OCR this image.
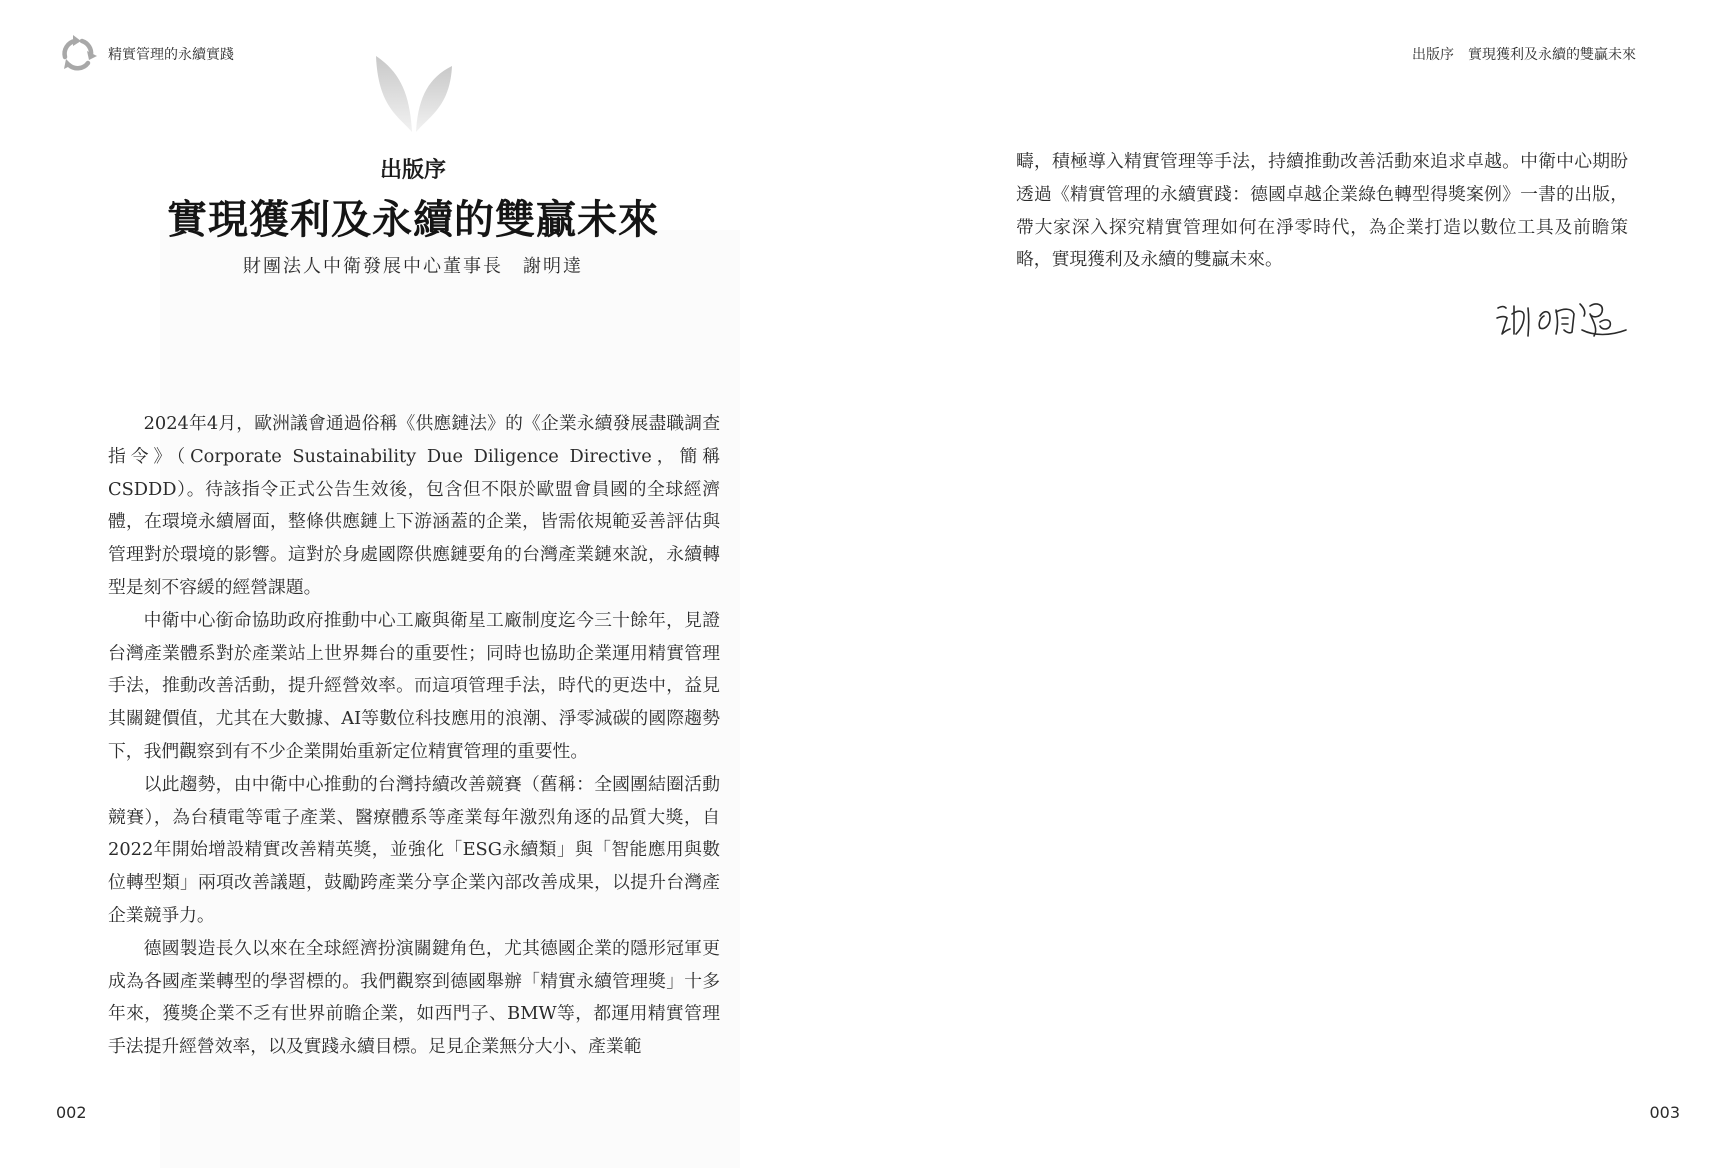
精實管理的永續實踐
出版序
實現獲利及永續的雙贏未來
財團法人中衛發展中心董事長　謝明達

2024年4月，歐洲議會通過俗稱《供應鏈法》的《企業永續發展盡職調查指令》（Corporate Sustainability Due Diligence Directive，簡稱CSDDD）。待該指令正式公告生效後，包含但不限於歐盟會員國的全球經濟體，在環境永續層面，整條供應鏈上下游涵蓋的企業，皆需依規範妥善評估與管理對於環境的影響。這對於身處國際供應鏈要角的台灣產業鏈來說，永續轉型是刻不容緩的經營課題。

中衛中心銜命協助政府推動中心工廠與衛星工廠制度迄今三十餘年，見證台灣產業體系對於產業站上世界舞台的重要性；同時也協助企業運用精實管理手法，推動改善活動，提升經營效率。而這項管理手法，時代的更迭中，益見其關鍵價值，尤其在大數據、AI等數位科技應用的浪潮、淨零減碳的國際趨勢下，我們觀察到有不少企業開始重新定位精實管理的重要性。

以此趨勢，由中衛中心推動的台灣持續改善競賽（舊稱：全國團結圈活動競賽），為台積電等電子產業、醫療體系等產業每年激烈角逐的品質大獎，自2022年開始增設精實改善精英獎，並強化「ESG永續類」與「智能應用與數位轉型類」兩項改善議題，鼓勵跨產業分享企業內部改善成果，以提升台灣產企業競爭力。

德國製造長久以來在全球經濟扮演關鍵角色，尤其德國企業的隱形冠軍更成為各國產業轉型的學習標的。我們觀察到德國舉辦「精實永續管理獎」十多年來，獲獎企業不乏有世界前瞻企業，如西門子、BMW等，都運用精實管理手法提升經營效率，以及實踐永續目標。足見企業無分大小、產業範

002
出版序　實現獲利及永續的雙贏未來

疇，積極導入精實管理等手法，持續推動改善活動來追求卓越。中衛中心期盼透過《精實管理的永續實踐：德國卓越企業綠色轉型得獎案例》一書的出版，帶大家深入探究精實管理如何在淨零時代，為企業打造以數位工具及前瞻策略，實現獲利及永續的雙贏未來。

003
